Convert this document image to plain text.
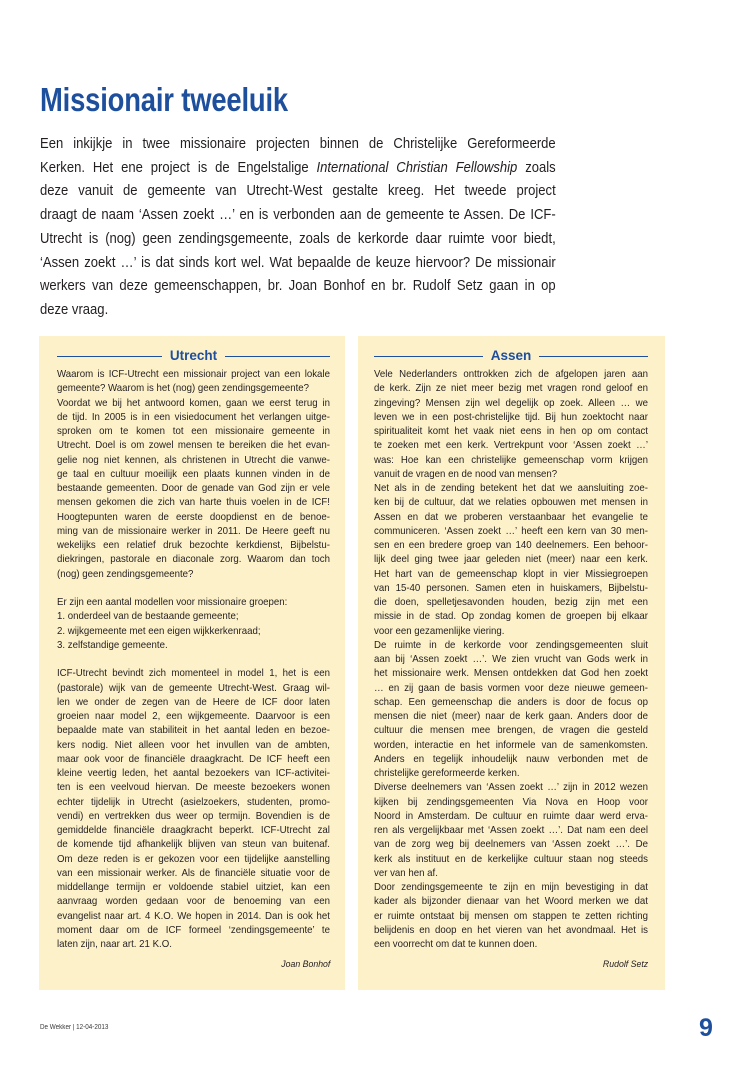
Missionair tweeluik
Een inkijkje in twee missionaire projecten binnen de Christelijke Gereformeerde
Kerken. Het ene project is de Engelstalige International Christian Fellowship zoals
deze vanuit de gemeente van Utrecht-West gestalte kreeg. Het tweede project
draagt de naam ‘Assen zoekt …’ en is verbonden aan de gemeente te Assen. De ICF-
Utrecht is (nog) geen zendingsgemeente, zoals de kerkorde daar ruimte voor biedt,
‘Assen zoekt …’ is dat sinds kort wel. Wat bepaalde de keuze hiervoor? De missionair
werkers van deze gemeenschappen, br. Joan Bonhof en br. Rudolf Setz gaan in op
deze vraag.
Utrecht
Waarom is ICF-Utrecht een missionair project van een lokale
gemeente? Waarom is het (nog) geen zendingsgemeente?
Voordat we bij het antwoord komen, gaan we eerst terug in
de tijd. In 2005 is in een visiedocument het verlangen uitge-
sproken om te komen tot een missionaire gemeente in
Utrecht. Doel is om zowel mensen te bereiken die het evan-
gelie nog niet kennen, als christenen in Utrecht die vanwe-
ge taal en cultuur moeilijk een plaats kunnen vinden in de
bestaande gemeenten. Door de genade van God zijn er vele
mensen gekomen die zich van harte thuis voelen in de ICF!
Hoogtepunten waren de eerste doopdienst en de benoe-
ming van de missionaire werker in 2011. De Heere geeft nu
wekelijks een relatief druk bezochte kerkdienst, Bijbelstu-
diekringen, pastorale en diaconale zorg. Waarom dan toch
(nog) geen zendingsgemeente?
Er zijn een aantal modellen voor missionaire groepen:
1. onderdeel van de bestaande gemeente;
2. wijkgemeente met een eigen wijkkerkenraad;
3. zelfstandige gemeente.
ICF-Utrecht bevindt zich momenteel in model 1, het is een
(pastorale) wijk van de gemeente Utrecht-West. Graag wil-
len we onder de zegen van de Heere de ICF door laten
groeien naar model 2, een wijkgemeente. Daarvoor is een
bepaalde mate van stabiliteit in het aantal leden en bezoe-
kers nodig. Niet alleen voor het invullen van de ambten,
maar ook voor de financiële draagkracht. De ICF heeft een
kleine veertig leden, het aantal bezoekers van ICF-activitei-
ten is een veelvoud hiervan. De meeste bezoekers wonen
echter tijdelijk in Utrecht (asielzoekers, studenten, promo-
vendi) en vertrekken dus weer op termijn. Bovendien is de
gemiddelde financiële draagkracht beperkt. ICF-Utrecht zal
de komende tijd afhankelijk blijven van steun van buitenaf.
Om deze reden is er gekozen voor een tijdelijke aanstelling
van een missionair werker. Als de financiële situatie voor de
middellange termijn er voldoende stabiel uitziet, kan een
aanvraag worden gedaan voor de benoeming van een
evangelist naar art. 4 K.O. We hopen in 2014. Dan is ook het
moment daar om de ICF formeel ‘zendingsgemeente’ te
laten zijn, naar art. 21 K.O.
Joan Bonhof
Assen
Vele Nederlanders onttrokken zich de afgelopen jaren aan
de kerk. Zijn ze niet meer bezig met vragen rond geloof en
zingeving? Mensen zijn wel degelijk op zoek. Alleen … we
leven we in een post-christelijke tijd. Bij hun zoektocht naar
spiritualiteit komt het vaak niet eens in hen op om contact
te zoeken met een kerk. Vertrekpunt voor ‘Assen zoekt …’
was: Hoe kan een christelijke gemeenschap vorm krijgen
vanuit de vragen en de nood van mensen?
Net als in de zending betekent het dat we aansluiting zoe-
ken bij de cultuur, dat we relaties opbouwen met mensen in
Assen en dat we proberen verstaanbaar het evangelie te
communiceren. ‘Assen zoekt …’ heeft een kern van 30 men-
sen en een bredere groep van 140 deelnemers. Een behoor-
lijk deel ging twee jaar geleden niet (meer) naar een kerk.
Het hart van de gemeenschap klopt in vier Missiegroepen
van 15-40 personen. Samen eten in huiskamers, Bijbelstu-
die doen, spelletjesavonden houden, bezig zijn met een
missie in de stad. Op zondag komen de groepen bij elkaar
voor een gezamenlijke viering.
De ruimte in de kerkorde voor zendingsgemeenten sluit
aan bij ‘Assen zoekt …’. We zien vrucht van Gods werk in
het missionaire werk. Mensen ontdekken dat God hen zoekt
… en zij gaan de basis vormen voor deze nieuwe gemeen-
schap. Een gemeenschap die anders is door de focus op
mensen die niet (meer) naar de kerk gaan. Anders door de
cultuur die mensen mee brengen, de vragen die gesteld
worden, interactie en het informele van de samenkomsten.
Anders en tegelijk inhoudelijk nauw verbonden met de
christelijke gereformeerde kerken.
Diverse deelnemers van ‘Assen zoekt …’ zijn in 2012 wezen
kijken bij zendingsgemeenten Via Nova en Hoop voor
Noord in Amsterdam. De cultuur en ruimte daar werd erva-
ren als vergelijkbaar met ‘Assen zoekt …’. Dat nam een deel
van de zorg weg bij deelnemers van ‘Assen zoekt …’. De
kerk als instituut en de kerkelijke cultuur staan nog steeds
ver van hen af.
Door zendingsgemeente te zijn en mijn bevestiging in dat
kader als bijzonder dienaar van het Woord merken we dat
er ruimte ontstaat bij mensen om stappen te zetten richting
belijdenis en doop en het vieren van het avondmaal. Het is
een voorrecht om dat te kunnen doen.
Rudolf Setz
De Wekker | 12-04-2013	9
